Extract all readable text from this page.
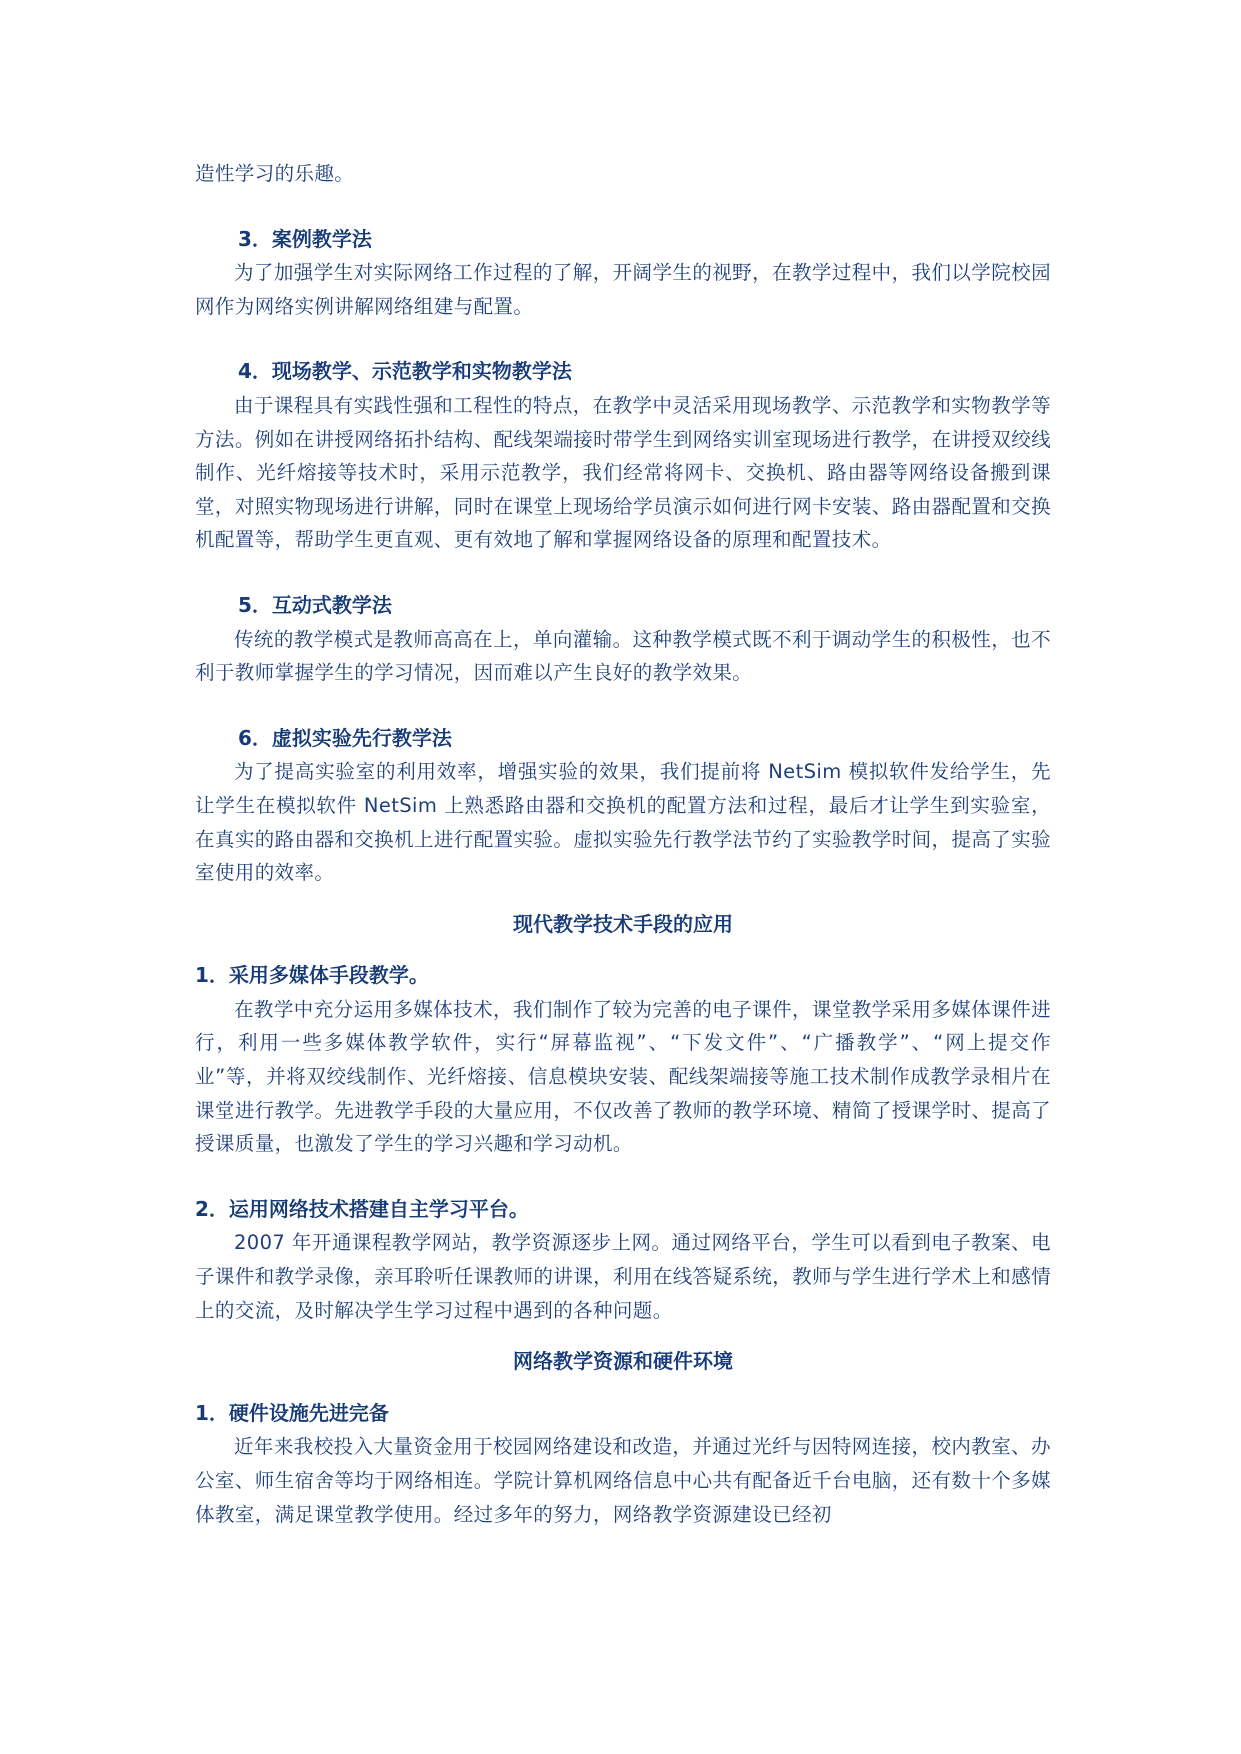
造性学习的乐趣。

3．案例教学法

为了加强学生对实际网络工作过程的了解，开阔学生的视野，在教学过程中，我们以学院校园网作为网络实例讲解网络组建与配置。

4．现场教学、示范教学和实物教学法

由于课程具有实践性强和工程性的特点，在教学中灵活采用现场教学、示范教学和实物教学等方法。例如在讲授网络拓扑结构、配线架端接时带学生到网络实训室现场进行教学，在讲授双绞线制作、光纤熔接等技术时，采用示范教学，我们经常将网卡、交换机、路由器等网络设备搬到课堂，对照实物现场进行讲解，同时在课堂上现场给学员演示如何进行网卡安装、路由器配置和交换机配置等，帮助学生更直观、更有效地了解和掌握网络设备的原理和配置技术。

5．互动式教学法

传统的教学模式是教师高高在上，单向灌输。这种教学模式既不利于调动学生的积极性，也不利于教师掌握学生的学习情况，因而难以产生良好的教学效果。

6．虚拟实验先行教学法

为了提高实验室的利用效率，增强实验的效果，我们提前将 NetSim 模拟软件发给学生，先让学生在模拟软件 NetSim 上熟悉路由器和交换机的配置方法和过程，最后才让学生到实验室，在真实的路由器和交换机上进行配置实验。虚拟实验先行教学法节约了实验教学时间，提高了实验室使用的效率。

现代教学技术手段的应用

1．采用多媒体手段教学。

在教学中充分运用多媒体技术，我们制作了较为完善的电子课件，课堂教学采用多媒体课件进行，利用一些多媒体教学软件，实行“屏幕监视”、“下发文件”、“广播教学”、“网上提交作业”等，并将双绞线制作、光纤熔接、信息模块安装、配线架端接等施工技术制作成教学录相片在课堂进行教学。先进教学手段的大量应用，不仅改善了教师的教学环境、精简了授课学时、提高了授课质量，也激发了学生的学习兴趣和学习动机。

2．运用网络技术搭建自主学习平台。

2007 年开通课程教学网站，教学资源逐步上网。通过网络平台，学生可以看到电子教案、电子课件和教学录像，亲耳聆听任课教师的讲课，利用在线答疑系统，教师与学生进行学术上和感情上的交流，及时解决学生学习过程中遇到的各种问题。

网络教学资源和硬件环境

1．硬件设施先进完备

近年来我校投入大量资金用于校园网络建设和改造，并通过光纤与因特网连接，校内教室、办公室、师生宿舍等均于网络相连。学院计算机网络信息中心共有配备近千台电脑，还有数十个多媒体教室，满足课堂教学使用。经过多年的努力，网络教学资源建设已经初
